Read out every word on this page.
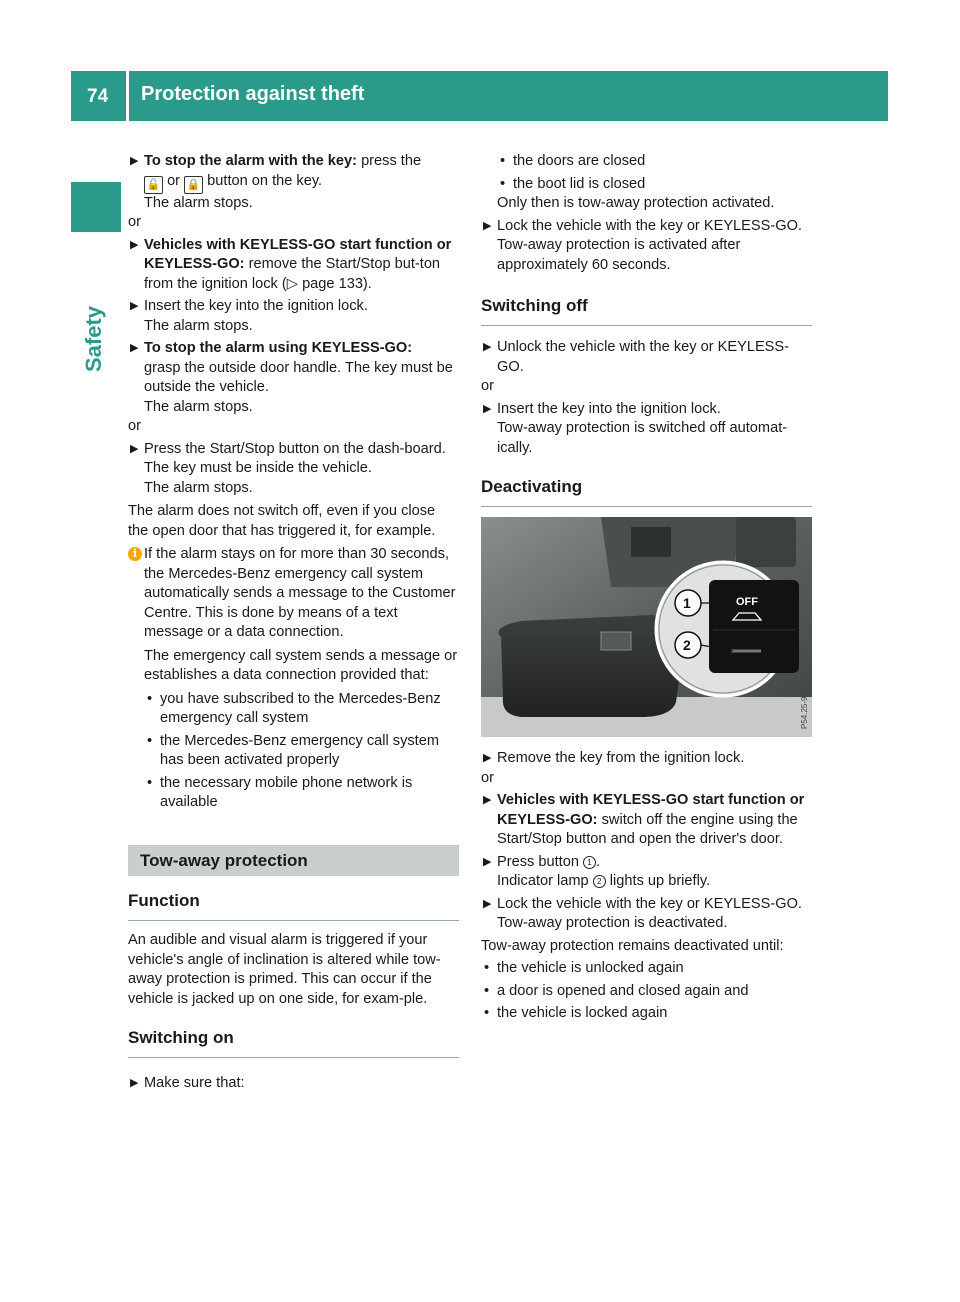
74 Protection against theft
Safety
▶ To stop the alarm with the key: press the
🔓 or 🔒 button on the key.
The alarm stops.

or

▶ Vehicles with KEYLESS-GO start function or KEYLESS-GO: remove the Start/Stop but-ton from the ignition lock (▷ page 133).
▶ Insert the key into the ignition lock.
The alarm stops.
▶ To stop the alarm using KEYLESS-GO:
grasp the outside door handle. The key must be outside the vehicle.
The alarm stops.

or

▶ Press the Start/Stop button on the dash-board. The key must be inside the vehicle.
The alarm stops.

The alarm does not switch off, even if you close the open door that has triggered it, for example.

i If the alarm stays on for more than 30 seconds, the Mercedes-Benz emergency call system automatically sends a message to the Customer Centre. This is done by means of a text message or a data connection.

The emergency call system sends a message or establishes a data connection provided that:

• you have subscribed to the Mercedes-Benz emergency call system

• the Mercedes-Benz emergency call system has been activated properly

• the necessary mobile phone network is available

Tow-away protection

Function

An audible and visual alarm is triggered if your vehicle's angle of inclination is altered while tow-away protection is primed. This can occur if the vehicle is jacked up on one side, for exam-ple.

Switching on

▶ Make sure that:

• the doors are closed

• the boot lid is closed

Only then is tow-away protection activated.

▶ Lock the vehicle with the key or KEYLESS-GO.
Tow-away protection is activated after approximately 60 seconds.
Switching off

▶ Unlock the vehicle with the key or KEYLESS-GO.

or

▶ Insert the key into the ignition lock.
Tow-away protection is switched off automat-ically.
Deactivating
OFF
1
2
P54.25-9712-31

▶ Remove the key from the ignition lock.

or

▶ Vehicles with KEYLESS-GO start function or KEYLESS-GO: switch off the engine using the Start/Stop button and open the driver's door.
▶ Press button 1 .
Indicator lamp 2 lights up briefly.
▶ Lock the vehicle with the key or KEYLESS-GO.
Tow-away protection is deactivated.

Tow-away protection remains deactivated until:

• the vehicle is unlocked again

• a door is opened and closed again and

• the vehicle is locked again
